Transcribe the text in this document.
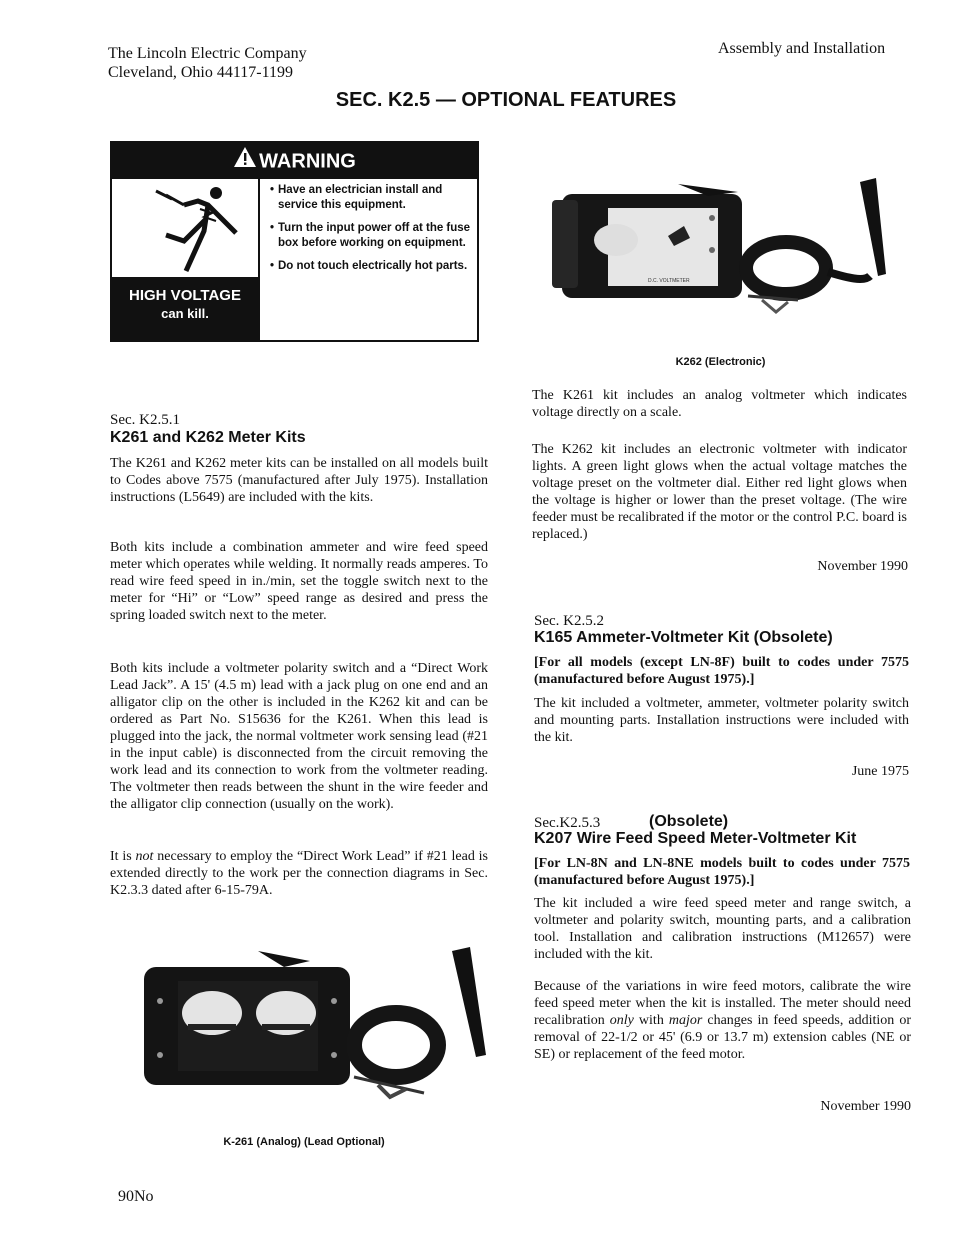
The Lincoln Electric Company
Cleveland, Ohio 44117-1199
Assembly and Installation
SEC. K2.5 — OPTIONAL FEATURES
WARNING
HIGH VOLTAGE
can kill.
• Have an electrician install and service this equipment.
• Turn the input power off at the fuse box before working on equipment.
• Do not touch electrically hot parts.
D.C. VOLTMETER
K262 (Electronic)
Sec. K2.5.1
K261 and K262 Meter Kits
The K261 and K262 meter kits can be installed on all models built to Codes above 7575 (manufactured after July 1975). Installation instructions (L5649) are included with the kits.
Both kits include a combination ammeter and wire feed speed meter which operates while welding. It normally reads amperes. To read wire feed speed in in./min, set the toggle switch next to the meter for “Hi” or “Low” speed range as desired and press the spring loaded switch next to the meter.
Both kits include a voltmeter polarity switch and a “Direct Work Lead Jack”. A 15' (4.5 m) lead with a jack plug on one end and an alligator clip on the other is included in the K262 kit and can be ordered as Part No. S15636 for the K261. When this lead is plugged into the jack, the normal voltmeter work sensing lead (#21 in the input cable) is disconnected from the circuit removing the work lead and its connection to work from the voltmeter reading. The voltmeter then reads between the shunt in the wire feeder and the alligator clip connection (usually on the work).
It is not necessary to employ the “Direct Work Lead” if #21 lead is extended directly to the work per the connection diagrams in Sec. K2.3.3 dated after 6-15-79A.
K-261 (Analog) (Lead Optional)
The K261 kit includes an analog voltmeter which indicates voltage directly on a scale.
The K262 kit includes an electronic voltmeter with indicator lights. A green light glows when the actual voltage matches the voltage preset on the voltmeter dial. Either red light glows when the voltage is higher or lower than the preset voltage. (The wire feeder must be recalibrated if the motor or the control P.C. board is replaced.)
November 1990
Sec. K2.5.2
K165 Ammeter-Voltmeter Kit (Obsolete)
[For all models (except LN-8F) built to codes under 7575 (manufactured before August 1975).]
The kit included a voltmeter, ammeter, voltmeter polarity switch and mounting parts. Installation instructions were included with the kit.
June 1975
Sec.K2.5.3	(Obsolete)
K207 Wire Feed Speed Meter-Voltmeter Kit
[For LN-8N and LN-8NE models built to codes under 7575 (manufactured before August 1975).]
The kit included a wire feed speed meter and range switch, a voltmeter and polarity switch, mounting parts, and a calibration tool. Installation and calibration instructions (M12657) were included with the kit.
Because of the variations in wire feed motors, calibrate the wire feed speed meter when the kit is installed. The meter should need recalibration only with major changes in feed speeds, addition or removal of 22-1/2 or 45' (6.9 or 13.7 m) extension cables (NE or SE) or replacement of the feed motor.
November 1990
90No
